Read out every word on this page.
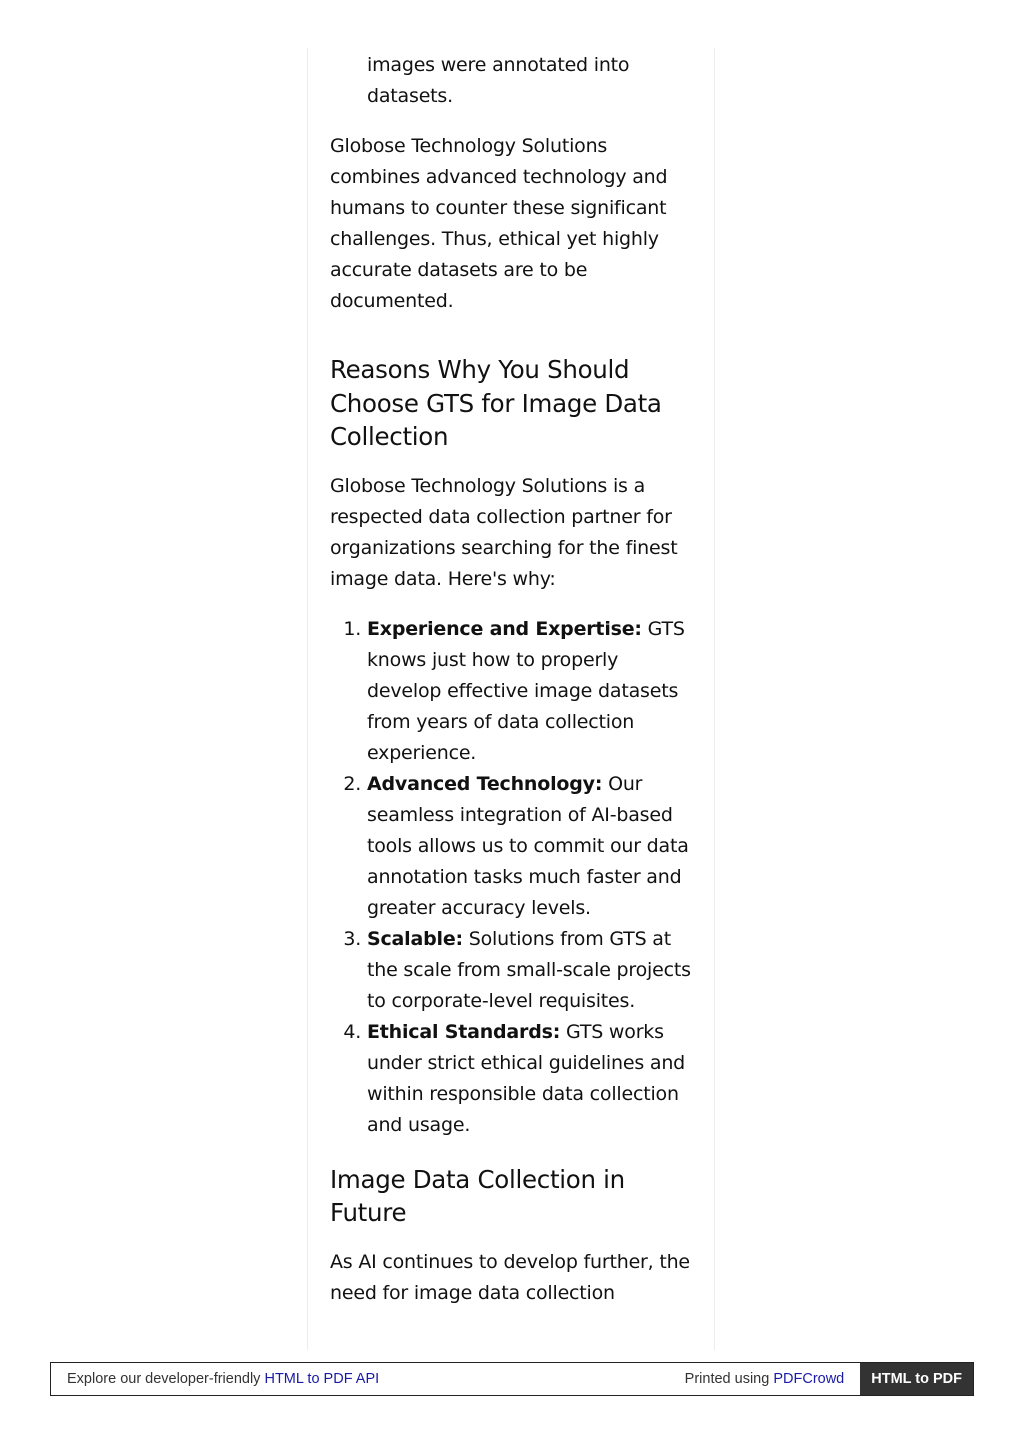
images were annotated into datasets.

Globose Technology Solutions combines advanced technology and humans to counter these significant challenges. Thus, ethical yet highly accurate datasets are to be documented.

Reasons Why You Should Choose GTS for Image Data Collection

Globose Technology Solutions is a respected data collection partner for organizations searching for the finest image data. Here's why:

1. Experience and Expertise: GTS knows just how to properly develop effective image datasets from years of data collection experience.
2. Advanced Technology: Our seamless integration of AI-based tools allows us to commit our data annotation tasks much faster and greater accuracy levels.
3. Scalable: Solutions from GTS at the scale from small-scale projects to corporate-level requisites.
4. Ethical Standards: GTS works under strict ethical guidelines and within responsible data collection and usage.
Image Data Collection in Future

As AI continues to develop further, the need for image data collection

Explore our developer-friendly HTML to PDF API	Printed using PDFCrowd	HTML to PDF
